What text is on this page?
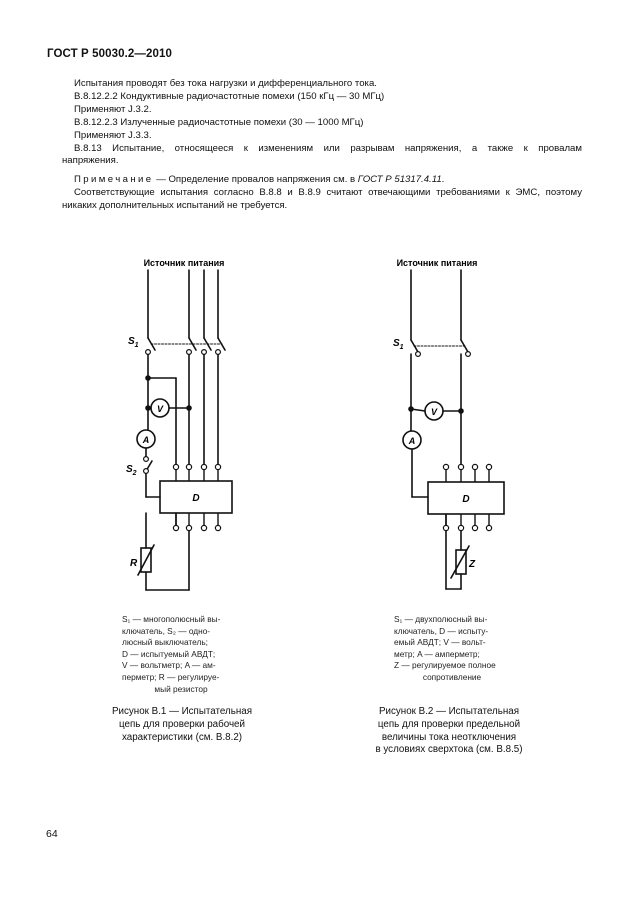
ГОСТ Р 50030.2—2010

Испытания проводят без тока нагрузки и дифференциального тока.

В.8.12.2.2 Кондуктивные радиочастотные помехи (150 кГц — 30 МГц)

Применяют J.3.2.

В.8.12.2.3 Излученные радиочастотные помехи (30 — 1000 МГц)

Применяют J.3.3.

В.8.13 Испытание, относящееся к изменениям или разрывам напряжения, а также к провалам

напряжения.

Примечание — Определение провалов напряжения см. в ГОСТ Р 51317.4.11.

Соответствующие испытания согласно В.8.8 и В.8.9 считают отвечающими требованиями к ЭМС, поэтому

никаких дополнительных испытаний не требуется.

Источник питания
$S_1$
V
A
$S_2$
D
R
Источник питания
$S_1$
V
A
D
Z
S₁ — многополюсный вы-
ключатель, S₂ — одно-
люсный выключатель;
D — испытуемый АВДТ;
V — вольтметр; A — ам-
перметр; R — регулируе-
мый резистор
S₁ — двухполюсный вы-
ключатель, D — испыту-
емый АВДТ; V — вольт-
метр; A — амперметр;
Z — регулируемое полное
сопротивление
Рисунок В.1 — Испытательная
цепь для проверки рабочей
характеристики (см. В.8.2)
Рисунок В.2 — Испытательная
цепь для проверки предельной
величины тока неотключения
в условиях сверхтока (см. В.8.5)
64
